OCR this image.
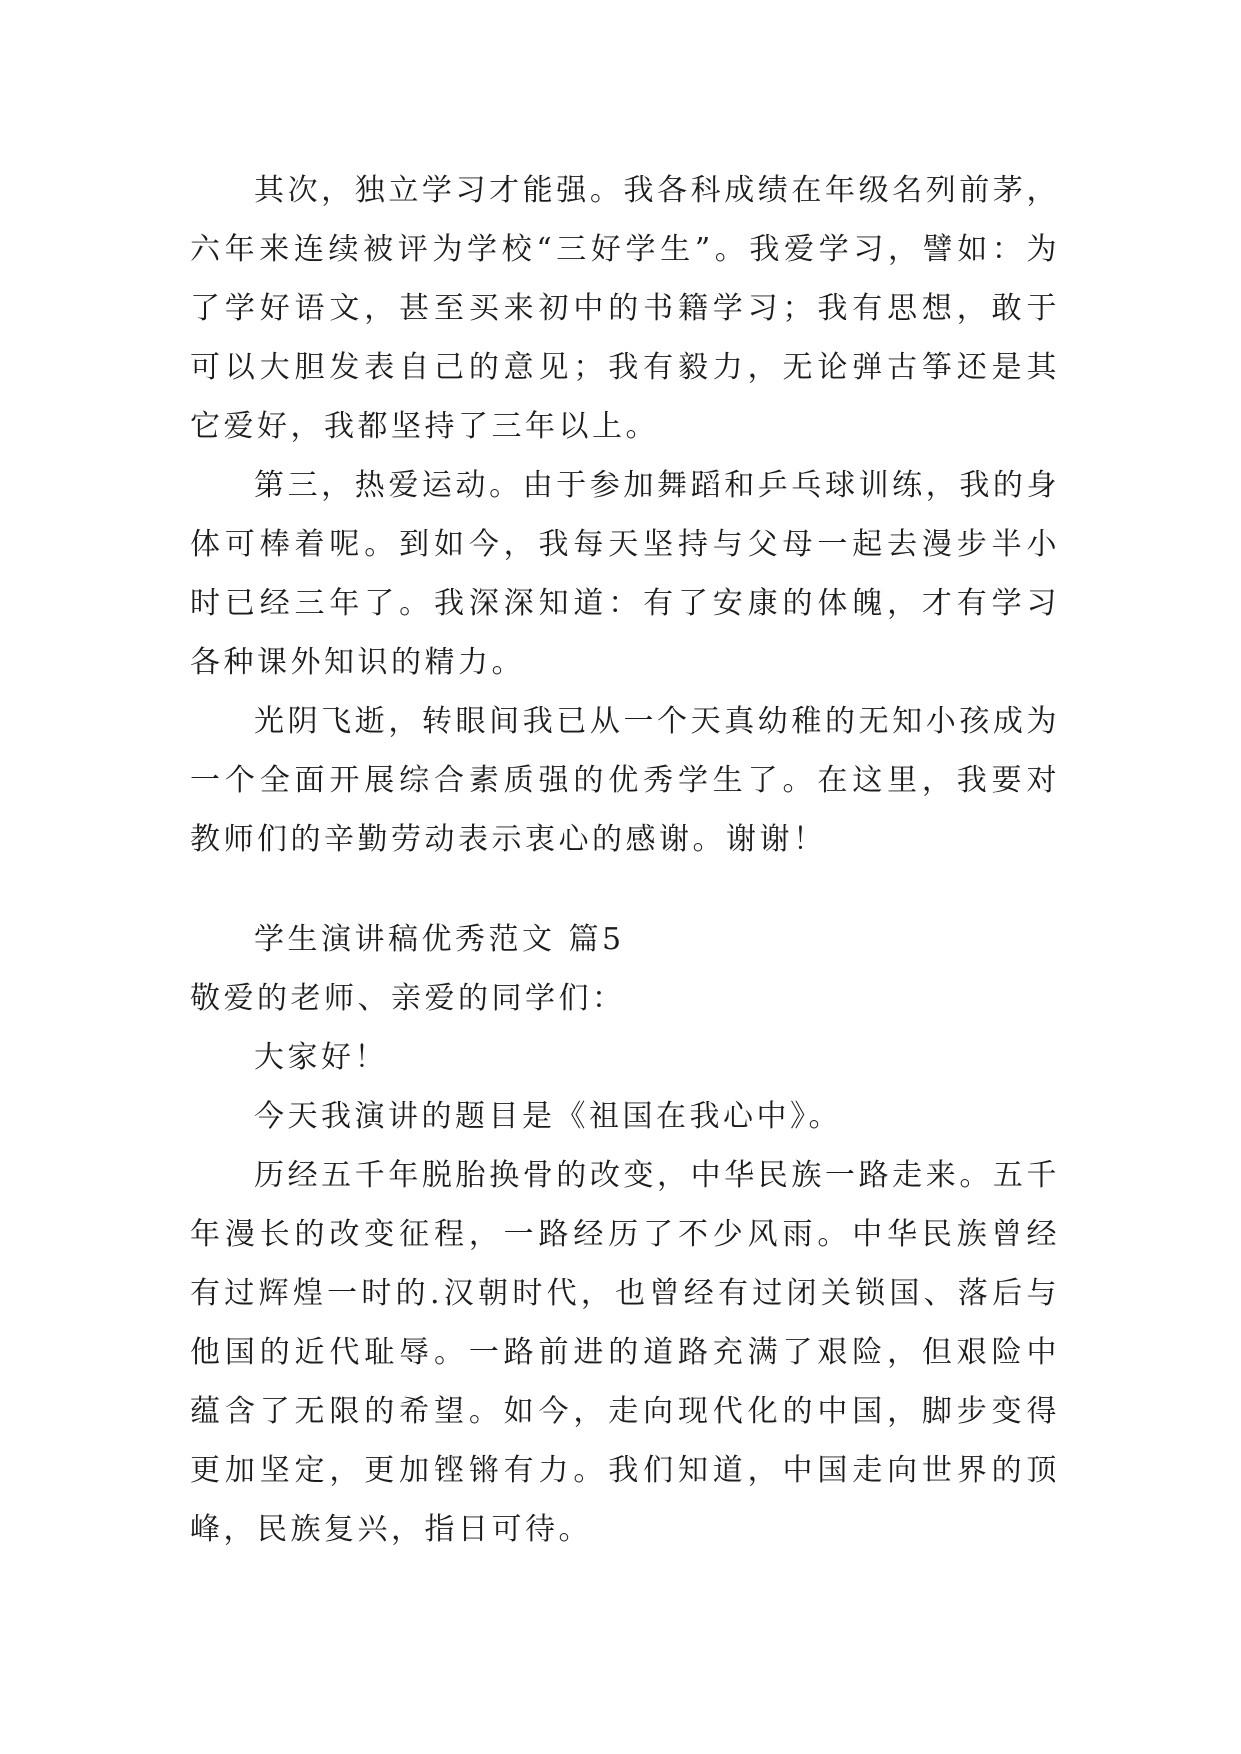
其次，独立学习才能强。我各科成绩在年级名列前茅，六年来连续被评为学校“三好学生”。我爱学习，譬如：为了学好语文，甚至买来初中的书籍学习；我有思想，敢于可以大胆发表自己的意见；我有毅力，无论弹古筝还是其它爱好，我都坚持了三年以上。

第三，热爱运动。由于参加舞蹈和乒乓球训练，我的身体可棒着呢。到如今，我每天坚持与父母一起去漫步半小时已经三年了。我深深知道：有了安康的体魄，才有学习各种课外知识的精力。

光阴飞逝，转眼间我已从一个天真幼稚的无知小孩成为一个全面开展综合素质强的优秀学生了。在这里，我要对教师们的辛勤劳动表示衷心的感谢。谢谢！

学生演讲稿优秀范文 篇5

敬爱的老师、亲爱的同学们：

大家好！

今天我演讲的题目是《祖国在我心中》。

历经五千年脱胎换骨的改变，中华民族一路走来。五千年漫长的改变征程，一路经历了不少风雨。中华民族曾经有过辉煌一时的.汉朝时代，也曾经有过闭关锁国、落后与他国的近代耻辱。一路前进的道路充满了艰险，但艰险中蕴含了无限的希望。如今，走向现代化的中国，脚步变得更加坚定，更加铿锵有力。我们知道，中国走向世界的顶峰，民族复兴，指日可待。
